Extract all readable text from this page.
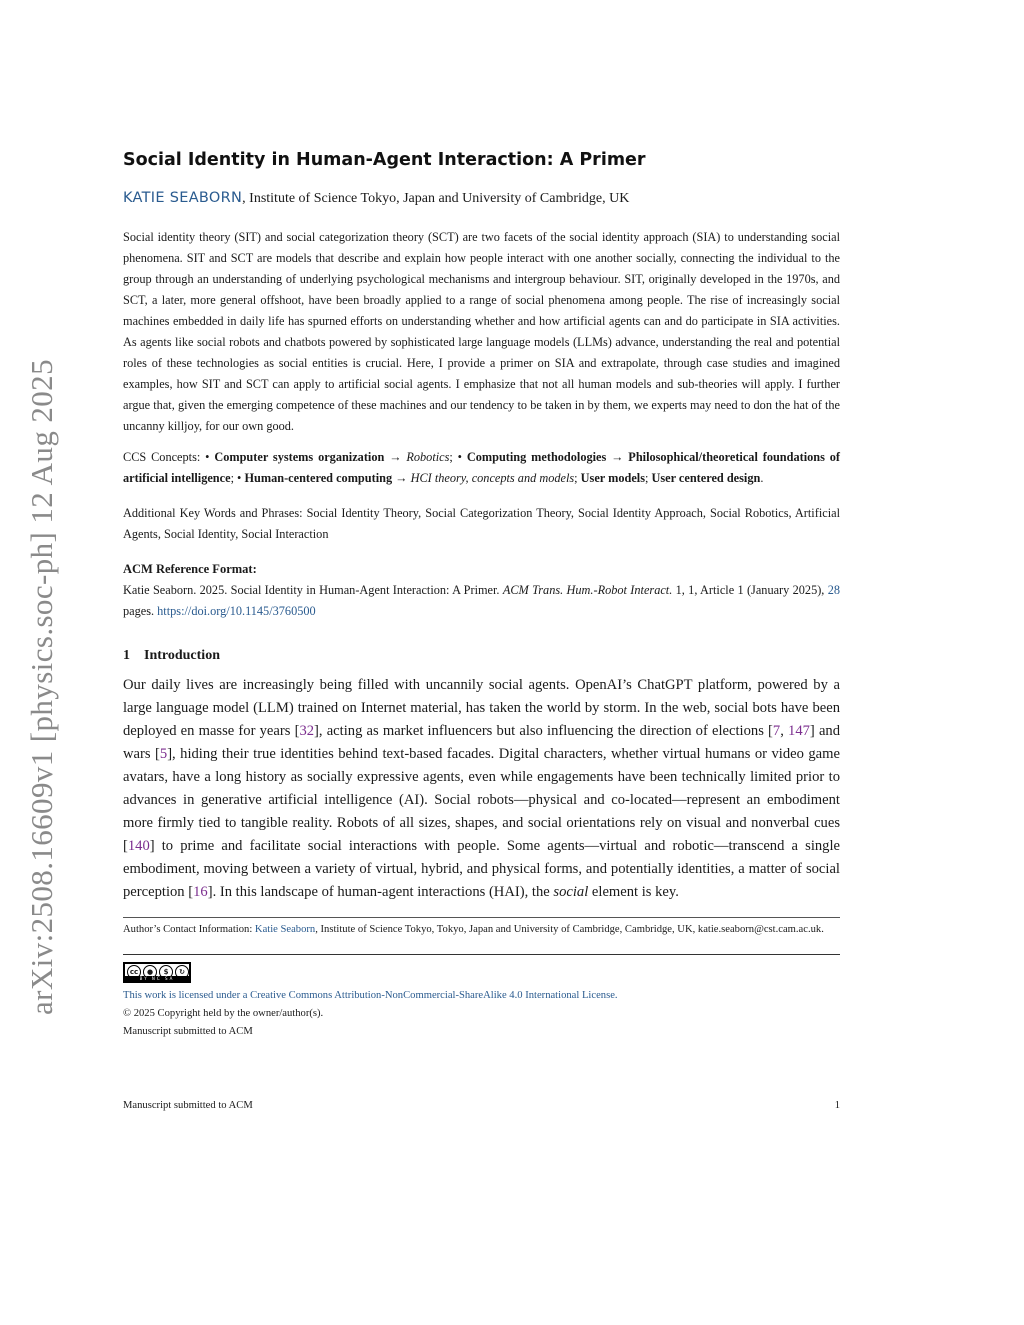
arXiv:2508.16609v1 [physics.soc-ph] 12 Aug 2025
Social Identity in Human-Agent Interaction: A Primer

KATIE SEABORN, Institute of Science Tokyo, Japan and University of Cambridge, UK

Social identity theory (SIT) and social categorization theory (SCT) are two facets of the social identity approach (SIA) to understanding social phenomena. SIT and SCT are models that describe and explain how people interact with one another socially, connecting the individual to the group through an understanding of underlying psychological mechanisms and intergroup behaviour. SIT, originally developed in the 1970s, and SCT, a later, more general offshoot, have been broadly applied to a range of social phenomena among people. The rise of increasingly social machines embedded in daily life has spurned efforts on understanding whether and how artificial agents can and do participate in SIA activities. As agents like social robots and chatbots powered by sophisticated large language models (LLMs) advance, understanding the real and potential roles of these technologies as social entities is crucial. Here, I provide a primer on SIA and extrapolate, through case studies and imagined examples, how SIT and SCT can apply to artificial social agents. I emphasize that not all human models and sub-theories will apply. I further argue that, given the emerging competence of these machines and our tendency to be taken in by them, we experts may need to don the hat of the uncanny killjoy, for our own good.

CCS Concepts: • Computer systems organization → Robotics; • Computing methodologies → Philosophical/theoretical foundations of artificial intelligence; • Human-centered computing → HCI theory, concepts and models; User models; User centered design.

Additional Key Words and Phrases: Social Identity Theory, Social Categorization Theory, Social Identity Approach, Social Robotics, Artificial Agents, Social Identity, Social Interaction

ACM Reference Format:

Katie Seaborn. 2025. Social Identity in Human-Agent Interaction: A Primer. ACM Trans. Hum.-Robot Interact. 1, 1, Article 1 (January 2025), 28 pages. https://doi.org/10.1145/3760500

1 Introduction

Our daily lives are increasingly being filled with uncannily social agents. OpenAI’s ChatGPT platform, powered by a large language model (LLM) trained on Internet material, has taken the world by storm. In the web, social bots have been deployed en masse for years [32], acting as market influencers but also influencing the direction of elections [7, 147] and wars [5], hiding their true identities behind text-based facades. Digital characters, whether virtual humans or video game avatars, have a long history as socially expressive agents, even while engagements have been technically limited prior to advances in generative artificial intelligence (AI). Social robots—physical and co-located—represent an embodiment more firmly tied to tangible reality. Robots of all sizes, shapes, and social orientations rely on visual and nonverbal cues [140] to prime and facilitate social interactions with people. Some agents—virtual and robotic—transcend a single embodiment, moving between a variety of virtual, hybrid, and physical forms, and potentially identities, a matter of social perception [16]. In this landscape of human-agent interactions (HAI), the social element is key.

Author’s Contact Information: Katie Seaborn, Institute of Science Tokyo, Tokyo, Japan and University of Cambridge, Cambridge, UK, katie.seaborn@cst.cam.ac.uk.

cc	●	$	↻
BY NC SA

This work is licensed under a Creative Commons Attribution-NonCommercial-ShareAlike 4.0 International License.

© 2025 Copyright held by the owner/author(s).

Manuscript submitted to ACM

Manuscript submitted to ACM	1
